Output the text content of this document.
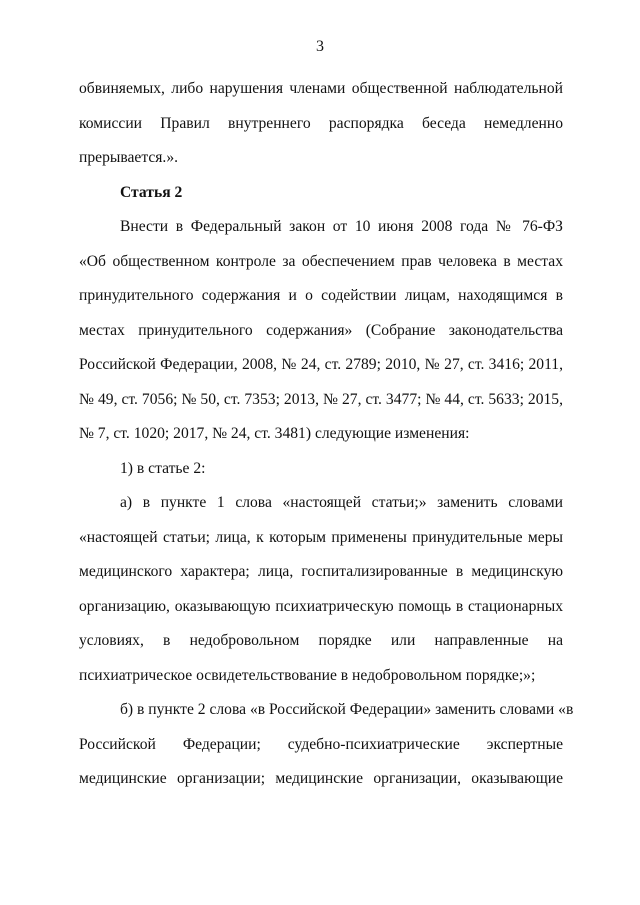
3
обвиняемых, либо нарушения членами общественной наблюдательной
комиссии Правил внутреннего распорядка беседа немедленно
прерывается.».
Статья 2
Внести в Федеральный закон от 10 июня 2008 года № 76-ФЗ
«Об общественном контроле за обеспечением прав человека в местах
принудительного содержания и о содействии лицам, находящимся в
местах принудительного содержания» (Собрание законодательства
Российской Федерации, 2008, № 24, ст. 2789; 2010, № 27, ст. 3416; 2011,
№ 49, ст. 7056; № 50, ст. 7353; 2013, № 27, ст. 3477; № 44, ст. 5633; 2015,
№ 7, ст. 1020; 2017, № 24, ст. 3481) следующие изменения:
1) в статье 2:
а) в пункте 1 слова «настоящей статьи;» заменить словами
«настоящей статьи; лица, к которым применены принудительные меры
медицинского характера; лица, госпитализированные в медицинскую
организацию, оказывающую психиатрическую помощь в стационарных
условиях, в недобровольном порядке или направленные на
психиатрическое освидетельствование в недобровольном порядке;»;
б) в пункте 2 слова «в Российской Федерации» заменить словами «в
Российской Федерации; судебно-психиатрические экспертные
медицинские организации; медицинские организации, оказывающие
